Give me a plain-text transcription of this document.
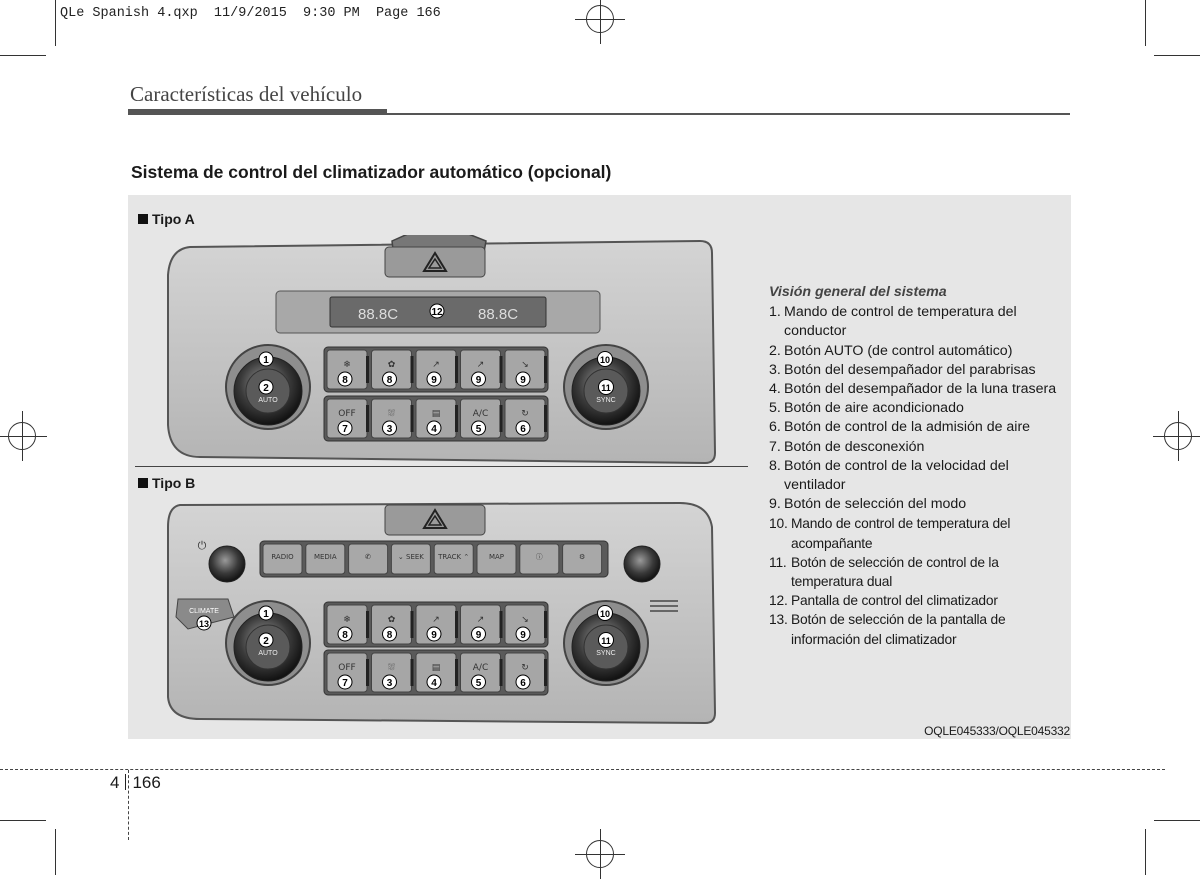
QLe Spanish 4.qxp  11/9/2015  9:30 PM  Page 166
Características del vehículo
Sistema de control del climatizador automático (opcional)
Tipo A
Tipo B
88.8C	88.8C
12
❄
8
✿
8
↗
9
↗
9
↘
9
OFF
7
⛆
3
▤
4
A/C
5
↻
6
AUTO
1
2
SYNC
10
11
RADIO	MEDIA	✆	⌄ SEEK TRACK ⌃	MAP	ⓘ	⚙
⏻
CLIMATE
13	❄
8
✿
8
↗
9
↗
9
↘
9
OFF
7
⛆
3
▤
4
A/C
5
↻
6
AUTO
1
2
SYNC
10
11
Visión general del sistema
1. Mando de control de temperatura del conductor
2. Botón AUTO (de control automático)
3. Botón del desempañador del parabrisas
4. Botón del desempañador de la luna trasera
5. Botón de aire acondicionado
6. Botón de control de la admisión de aire
7. Botón de desconexión
8. Botón de control de la velocidad del ventilador
9. Botón de selección del modo
10. Mando de control de temperatura del acompañante
11. Botón de selección de control de la temperatura dual
12. Pantalla de control del climatizador
13. Botón de selección de la pantalla de información del climatizador
OQLE045333/OQLE045332
4 166
